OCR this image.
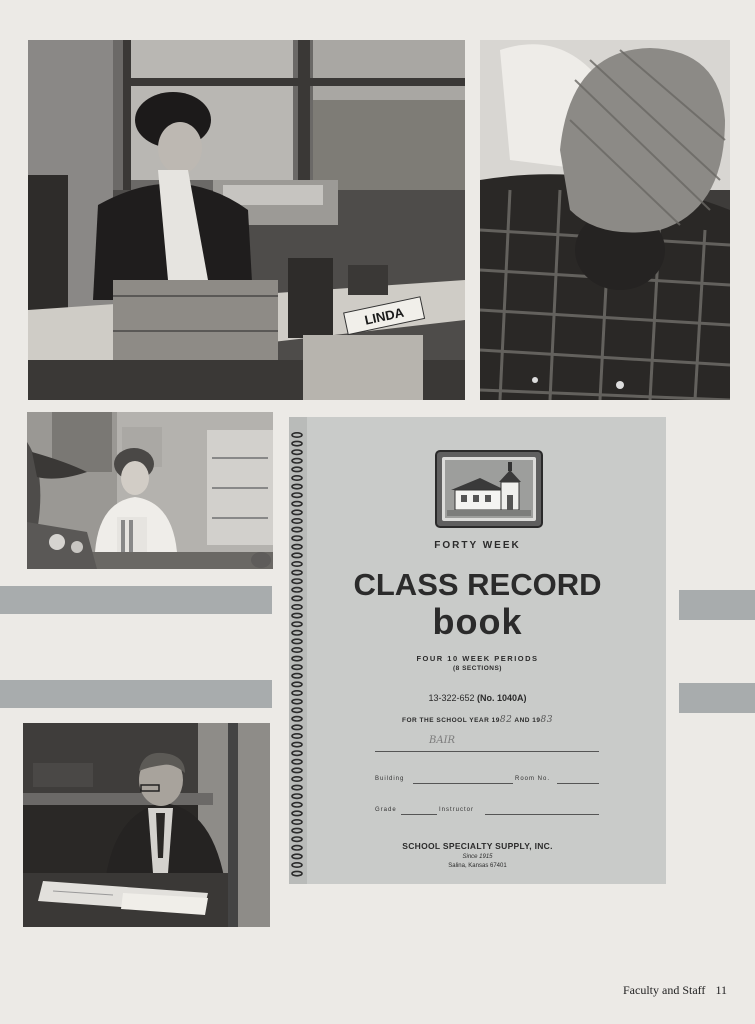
LINDA
FORTY WEEK
CLASS RECORD
book
FOUR 10 WEEK PERIODS
(8 SECTIONS)
13-322-652 (No. 1040A)
FOR THE SCHOOL YEAR 1982 AND 1983
BAIR
Building	Room No.
Grade	Instructor
SCHOOL SPECIALTY SUPPLY, INC.
Since 1915
Salina, Kansas 67401
Faculty and Staff 11
